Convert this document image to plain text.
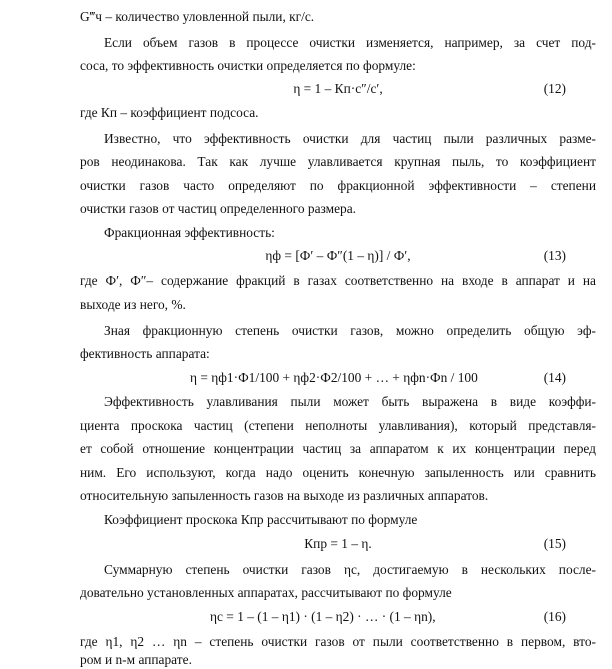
G‴ч – количество уловленной пыли, кг/с.
Если объем газов в процессе очистки изменяется, например, за счет под-
соса, то эффективность очистки определяется по формуле:
η = 1 – Кп·с″/с′,	(12)
где Кп – коэффициент подсоса.
Известно, что эффективность очистки для частиц пыли различных разме-
ров неодинакова. Так как лучше улавливается крупная пыль, то коэффициент
очистки газов часто определяют по фракционной эффективности – степени
очистки газов от частиц определенного размера.
Фракционная эффективность:
ηф = [Ф′ – Ф″(1 – η)] / Ф′,	(13)
где Ф′, Ф″– содержание фракций в газах соответственно на входе в аппарат и на
выходе из него, %.
Зная фракционную степень очистки газов, можно определить общую эф-
фективность аппарата:
η = ηф1·Ф1/100 + ηф2·Ф2/100 + … + ηфn·Фn / 100	(14)
Эффективность улавливания пыли может быть выражена в виде коэффи-
циента проскока частиц (степени неполноты улавливания), который представля-
ет собой отношение концентрации частиц за аппаратом к их концентрации перед
ним. Его используют, когда надо оценить конечную запыленность или сравнить
относительную запыленность газов на выходе из различных аппаратов.
Коэффициент проскока Кпр рассчитывают по формуле
Кпр = 1 – η.	(15)
Суммарную степень очистки газов ηс, достигаемую в нескольких после-
довательно установленных аппаратах, рассчитывают по формуле
ηс = 1 – (1 – η1) · (1 – η2) · … · (1 – ηn),	(16)
где η1, η2 … ηn – степень очистки газов от пыли соответственно в первом, вто-
ром и n-м аппарате.
